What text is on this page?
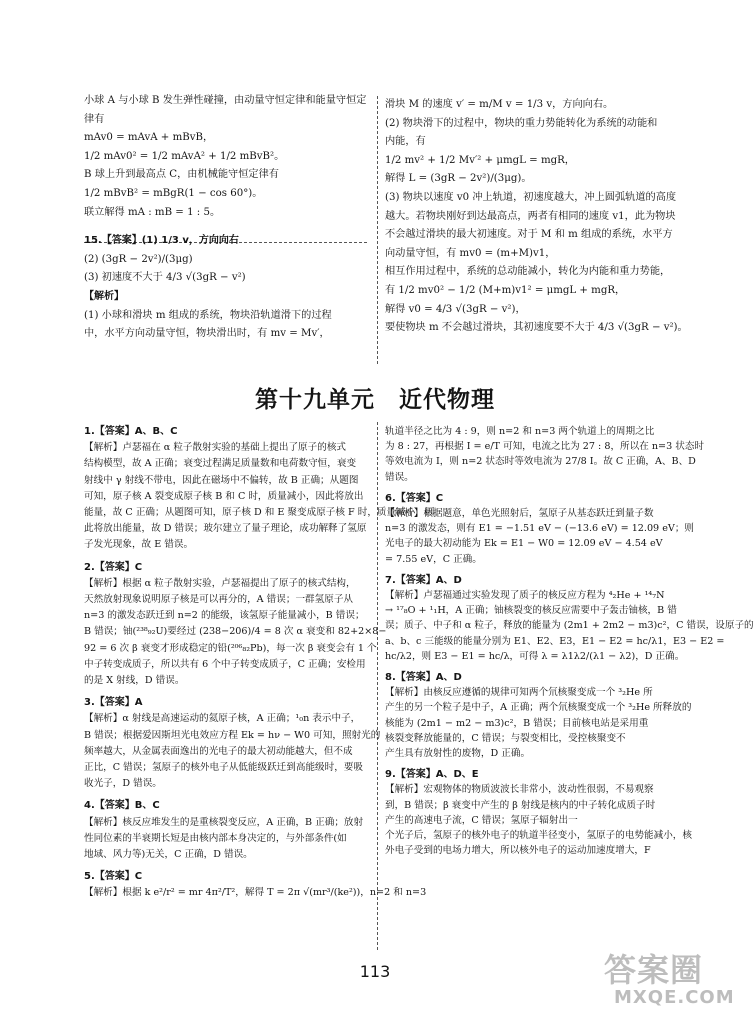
小球 A 与小球 B 发生弹性碰撞，由动量守恒定律和能量守恒定

律有

mAv0 = mAvA + mBvB，

1/2 mAv0² = 1/2 mAvA² + 1/2 mBvB²。

B 球上升到最高点 C，由机械能守恒定律有

1/2 mBvB² = mBgR(1 − cos 60°)。

联立解得 mA : mB = 1 : 5。

15.【答案】(1) 1/3 v，方向向右

(2) (3gR − 2v²)/(3μg)

(3) 初速度不大于 4/3 √(3gR − v²)

【解析】

(1) 小球和滑块 m 组成的系统，物块沿轨道滑下的过程

中，水平方向动量守恒，物块滑出时，有 mv = Mv′，

滑块 M 的速度 v′ = m/M v = 1/3 v，方向向右。

(2) 物块滑下的过程中，物块的重力势能转化为系统的动能和

内能，有

1/2 mv² + 1/2 Mv′² + μmgL = mgR，

解得 L = (3gR − 2v²)/(3μg)。

(3) 物块以速度 v0 冲上轨道，初速度越大，冲上圆弧轨道的高度

越大。若物块刚好到达最高点，两者有相同的速度 v1，此为物块

不会越过滑块的最大初速度。对于 M 和 m 组成的系统，水平方

向动量守恒，有 mv0 = (m+M)v1，

相互作用过程中，系统的总动能减小，转化为内能和重力势能，

有 1/2 mv0² − 1/2 (M+m)v1² = μmgL + mgR，

解得 v0 = 4/3 √(3gR − v²)，

要使物块 m 不会越过滑块，其初速度要不大于 4/3 √(3gR − v²)。

第十九单元　近代物理

1.【答案】A、B、C

【解析】卢瑟福在 α 粒子散射实验的基础上提出了原子的核式

结构模型，故 A 正确；衰变过程满足质量数和电荷数守恒，衰变

射线中 γ 射线不带电，因此在磁场中不偏转，故 B 正确；从题图

可知，原子核 A 裂变成原子核 B 和 C 时，质量减小，因此将放出

能量，故 C 正确；从题图可知，原子核 D 和 E 聚变成原子核 F 时，质量减小，因

此将放出能量，故 D 错误；玻尔建立了量子理论，成功解释了氢原

子发光现象，故 E 错误。

2.【答案】C

【解析】根据 α 粒子散射实验，卢瑟福提出了原子的核式结构，

天然放射现象说明原子核是可以再分的，A 错误；一群氢原子从

n=3 的激发态跃迁到 n=2 的能级，该氢原子能量减小，B 错误；

B 错误；铀(²³⁸₉₂U)要经过 (238−206)/4 = 8 次 α 衰变和 82+2×8−

92 = 6 次 β 衰变才形成稳定的铅(²⁰⁶₈₂Pb)，每一次 β 衰变会有 1 个

中子转变成质子，所以共有 6 个中子转变成质子，C 正确；安检用

的是 X 射线，D 错误。

3.【答案】A

【解析】α 射线是高速运动的氦原子核，A 正确；¹₀n 表示中子，

B 错误；根据爱因斯坦光电效应方程 Ek = hν − W0 可知，照射光的

频率越大，从金属表面逸出的光电子的最大初动能越大，但不成

正比，C 错误；氢原子的核外电子从低能级跃迁到高能级时，要吸

收光子，D 错误。

4.【答案】B、C

【解析】核反应堆发生的是重核裂变反应，A 正确，B 正确；放射

性同位素的半衰期长短是由核内部本身决定的，与外部条件(如

地域、风力等)无关，C 正确，D 错误。

5.【答案】C

【解析】根据 k e²/r² = mr 4π²/T²，解得 T = 2π √(mr³/(ke²))，n=2 和 n=3

轨道半径之比为 4 : 9，则 n=2 和 n=3 两个轨道上的周期之比

为 8 : 27，再根据 I = e/T 可知，电流之比为 27 : 8，所以在 n=3 状态时

等效电流为 I，则 n=2 状态时等效电流为 27/8 I。故 C 正确，A、B、D

错误。

6.【答案】C

【解析】根据题意，单色光照射后，氢原子从基态跃迁到量子数

n=3 的激发态，则有 E1 = −1.51 eV − (−13.6 eV) = 12.09 eV；则

光电子的最大初动能为 Ek = E1 − W0 = 12.09 eV − 4.54 eV

= 7.55 eV，C 正确。

7.【答案】A、D

【解析】卢瑟福通过实验发现了质子的核反应方程为 ⁴₂He + ¹⁴₇N

→ ¹⁷₈O + ¹₁H，A 正确；铀核裂变的核反应需要中子轰击铀核，B 错

误；质子、中子和 α 粒子，释放的能量为 (2m1 + 2m2 − m3)c²，C 错误，设原子的

a、b、c 三能级的能量分别为 E1、E2、E3，E1 − E2 = hc/λ1，E3 − E2 =

hc/λ2，则 E3 − E1 = hc/λ，可得 λ = λ1λ2/(λ1 − λ2)，D 正确。

8.【答案】A、D

【解析】由核反应遵循的规律可知两个氘核聚变成一个 ³₂He 所

产生的另一个粒子是中子，A 正确；两个氘核聚变成一个 ³₂He 所释放的

核能为 (2m1 − m2 − m3)c²，B 错误；目前核电站是采用重

核裂变释放能量的，C 错误；与裂变相比，受控核聚变不

产生具有放射性的废物，D 正确。

9.【答案】A、D、E

【解析】宏观物体的物质波波长非常小，波动性很弱，不易观察

到，B 错误；β 衰变中产生的 β 射线是核内的中子转化成质子时

产生的高速电子流，C 错误；氢原子辐射出一

个光子后，氢原子的核外电子的轨道半径变小，氢原子的电势能减小，核

外电子受到的电场力增大，所以核外电子的运动加速度增大，F

113	答案圈
MXQE.COM
